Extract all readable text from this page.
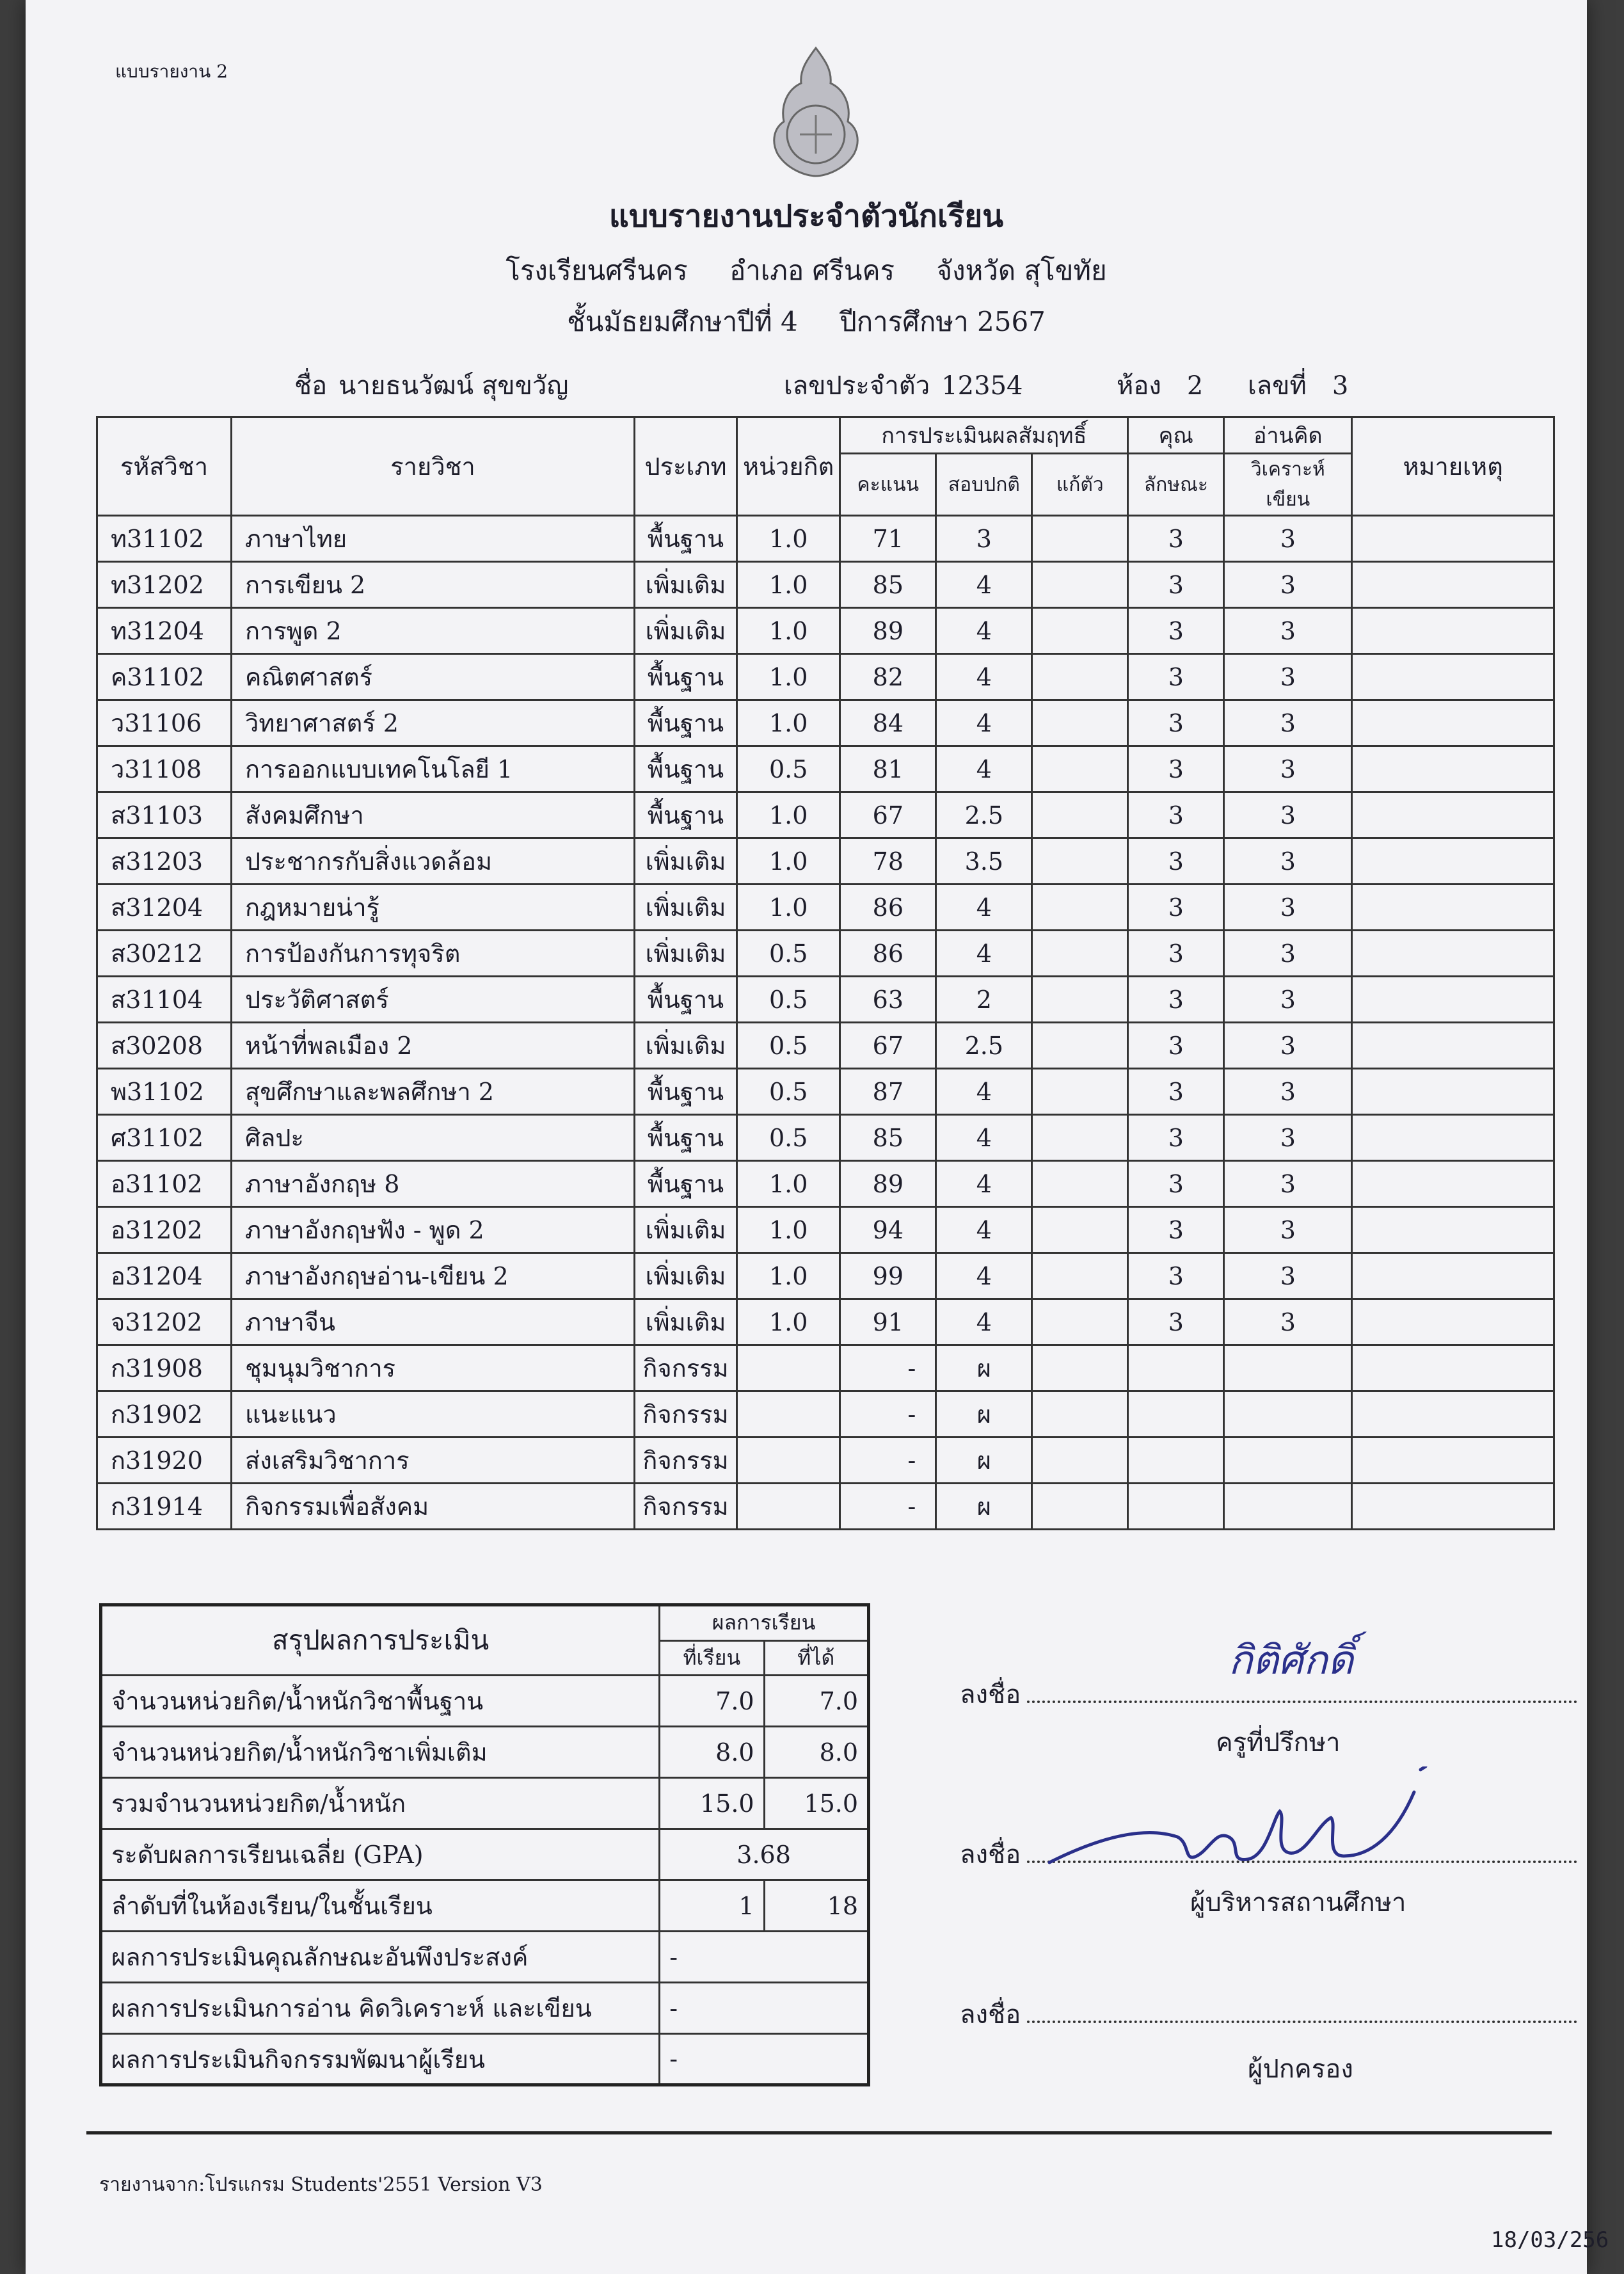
แบบรายงาน 2
แบบรายงานประจำตัวนักเรียน
โรงเรียนศรีนคร อำเภอ ศรีนคร จังหวัด สุโขทัย
ชั้นมัธยมศึกษาปีที่ 4 ปีการศึกษา 2567
ชื่อ นายธนวัฒน์ สุขขวัญ	เลขประจำตัว 12354	ห้อง 2 เลขที่ 3
รหัสวิชา	รายวิชา	ประเภท	หน่วยกิต	การประเมินผลสัมฤทธิ์			คุณ	อ่านคิด	หมายเหตุ
				คะแนน	สอบปกติ	แก้ตัว	ลักษณะ	วิเคราะห์เขียน	
ท31102	ภาษาไทย	พื้นฐาน	1.0	71	3		3	3	
ท31202	การเขียน 2	เพิ่มเติม	1.0	85	4		3	3	
ท31204	การพูด 2	เพิ่มเติม	1.0	89	4		3	3	
ค31102	คณิตศาสตร์	พื้นฐาน	1.0	82	4		3	3	
ว31106	วิทยาศาสตร์ 2	พื้นฐาน	1.0	84	4		3	3	
ว31108	การออกแบบเทคโนโลยี 1	พื้นฐาน	0.5	81	4		3	3	
ส31103	สังคมศึกษา	พื้นฐาน	1.0	67	2.5		3	3	
ส31203	ประชากรกับสิ่งแวดล้อม	เพิ่มเติม	1.0	78	3.5		3	3	
ส31204	กฎหมายน่ารู้	เพิ่มเติม	1.0	86	4		3	3	
ส30212	การป้องกันการทุจริต	เพิ่มเติม	0.5	86	4		3	3	
ส31104	ประวัติศาสตร์	พื้นฐาน	0.5	63	2		3	3	
ส30208	หน้าที่พลเมือง 2	เพิ่มเติม	0.5	67	2.5		3	3	
พ31102	สุขศึกษาและพลศึกษา 2	พื้นฐาน	0.5	87	4		3	3	
ศ31102	ศิลปะ	พื้นฐาน	0.5	85	4		3	3	
อ31102	ภาษาอังกฤษ 8	พื้นฐาน	1.0	89	4		3	3	
อ31202	ภาษาอังกฤษฟัง - พูด 2	เพิ่มเติม	1.0	94	4		3	3	
อ31204	ภาษาอังกฤษอ่าน-เขียน 2	เพิ่มเติม	1.0	99	4		3	3	
จ31202	ภาษาจีน	เพิ่มเติม	1.0	91	4		3	3	
ก31908	ชุมนุมวิชาการ	กิจกรรม		-	ผ				
ก31902	แนะแนว	กิจกรรม		-	ผ				
ก31920	ส่งเสริมวิชาการ	กิจกรรม		-	ผ				
ก31914	กิจกรรมเพื่อสังคม	กิจกรรม		-	ผ				
สรุปผลการประเมิน	ผลการเรียน	
	ที่เรียน	ที่ได้
จำนวนหน่วยกิต/น้ำหนักวิชาพื้นฐาน	7.0	7.0
จำนวนหน่วยกิต/น้ำหนักวิชาเพิ่มเติม	8.0	8.0
รวมจำนวนหน่วยกิต/น้ำหนัก	15.0	15.0
ระดับผลการเรียนเฉลี่ย (GPA)	3.68	
ลำดับที่ในห้องเรียน/ในชั้นเรียน	1	18
ผลการประเมินคุณลักษณะอันพึงประสงค์	-	
ผลการประเมินการอ่าน คิดวิเคราะห์ และเขียน	-	
ผลการประเมินกิจกรรมพัฒนาผู้เรียน	-	
ลงชื่อ
กิติศักดิ์
ครูที่ปรึกษา
ลงชื่อ
ผู้บริหารสถานศึกษา
ลงชื่อ
ผู้ปกครอง
รายงานจาก:โปรแกรม Students'2551 Version V3
18/03/256
